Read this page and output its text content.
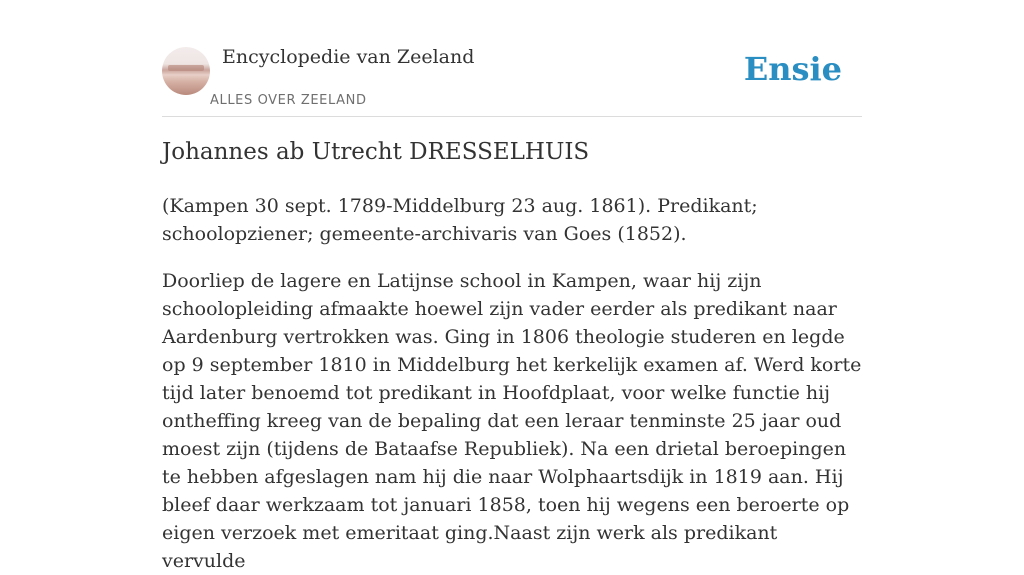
Encyclopedie van Zeeland
ALLES OVER ZEELAND
Ensie
Johannes ab Utrecht DRESSELHUIS

(Kampen 30 sept. 1789-Middelburg 23 aug. 1861). Predikant; schoolopziener; gemeente-archivaris van Goes (1852).

Doorliep de lagere en Latijnse school in Kampen, waar hij zijn schoolopleiding afmaakte hoewel zijn vader eerder als predikant naar Aardenburg vertrokken was. Ging in 1806 theologie studeren en legde op 9 september 1810 in Middelburg het kerkelijk examen af. Werd korte tijd later benoemd tot predikant in Hoofdplaat, voor welke functie hij ontheffing kreeg van de bepaling dat een leraar tenminste 25 jaar oud moest zijn (tijdens de Bataafse Republiek). Na een drietal beroepingen te hebben afgeslagen nam hij die naar Wolphaartsdijk in 1819 aan. Hij bleef daar werkzaam tot januari 1858, toen hij wegens een beroerte op eigen verzoek met emeritaat ging.Naast zijn werk als predikant vervulde
